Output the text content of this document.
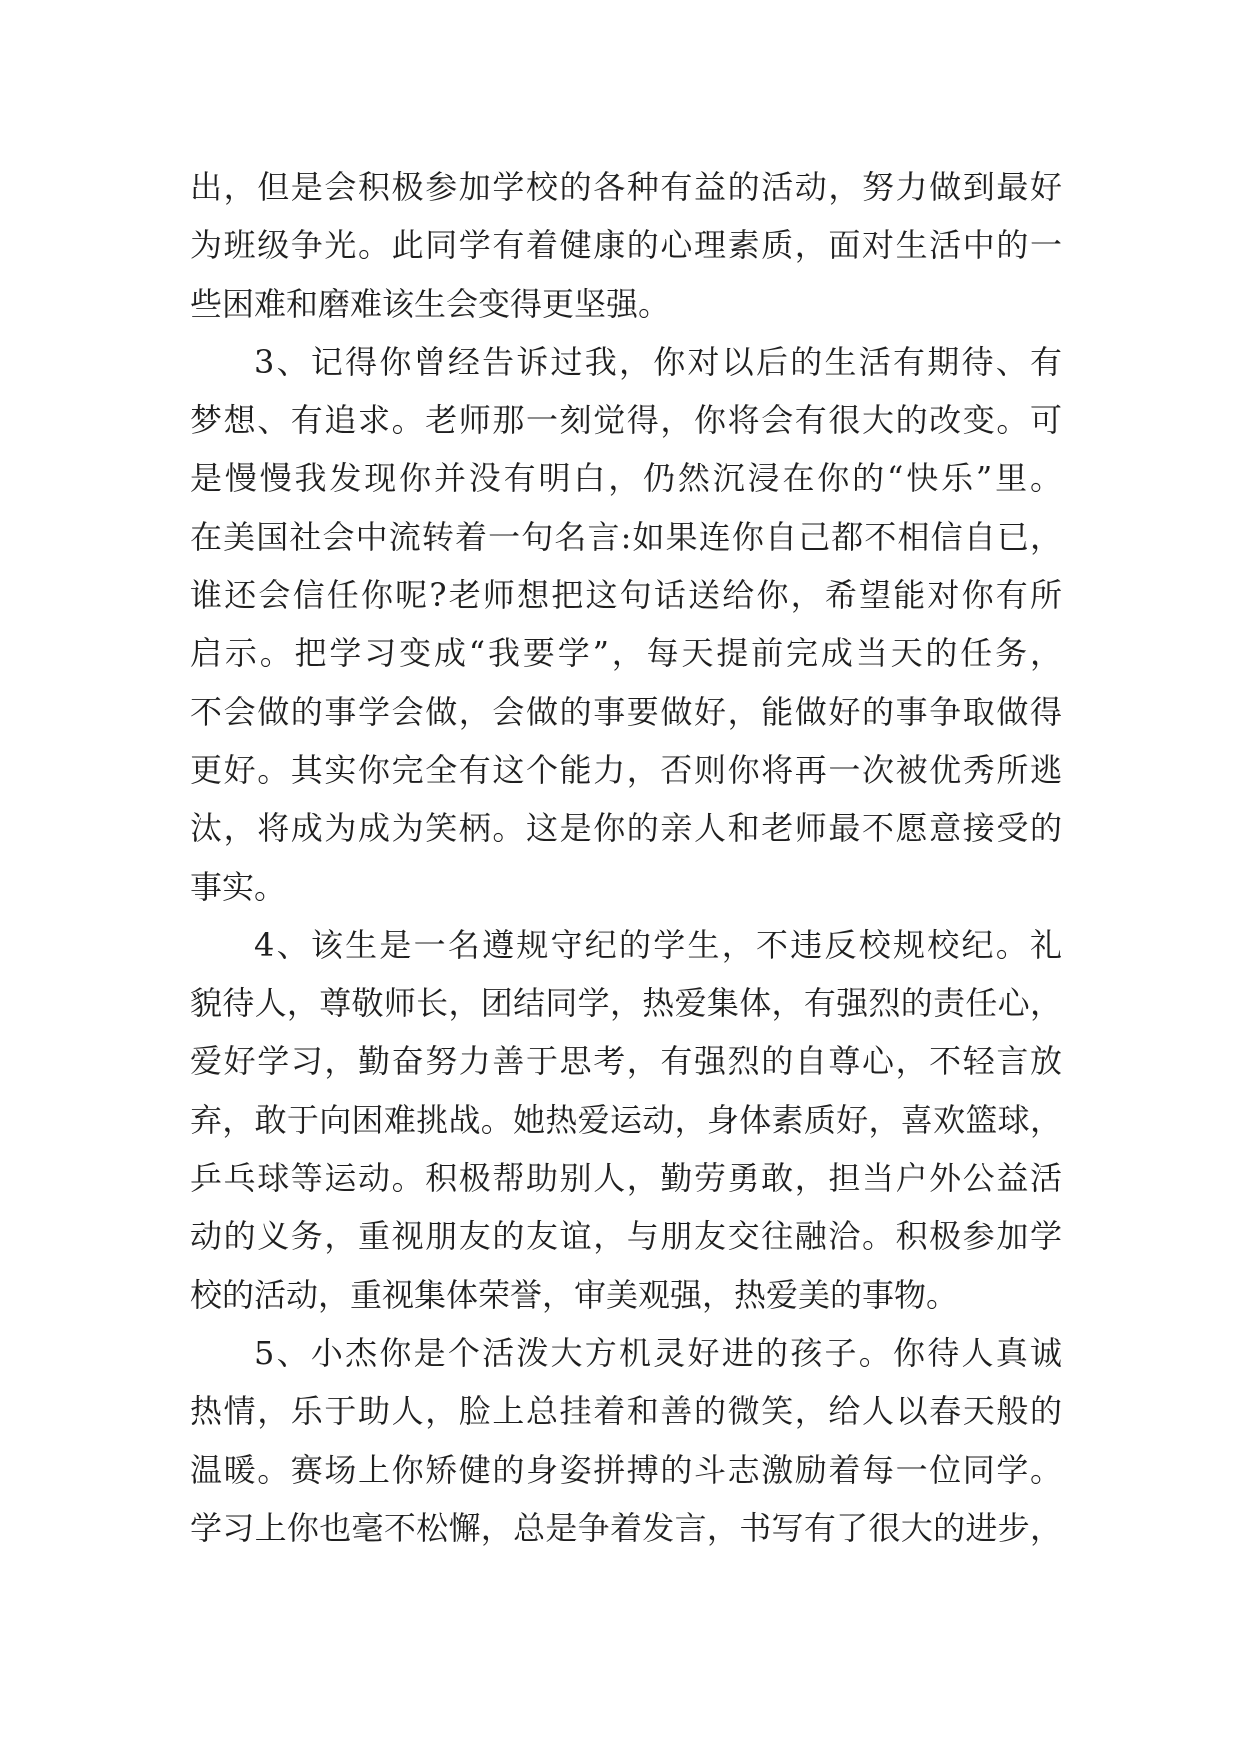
出，但是会积极参加学校的各种有益的活动，努力做到最好
为班级争光。此同学有着健康的心理素质，面对生活中的一
些困难和磨难该生会变得更坚强。
3、记得你曾经告诉过我，你对以后的生活有期待、有
梦想、有追求。老师那一刻觉得，你将会有很大的改变。可
是慢慢我发现你并没有明白，仍然沉浸在你的“快乐”里。
在美国社会中流转着一句名言:如果连你自己都不相信自已，
谁还会信任你呢?老师想把这句话送给你，希望能对你有所
启示。把学习变成“我要学”，每天提前完成当天的任务，
不会做的事学会做，会做的事要做好，能做好的事争取做得
更好。其实你完全有这个能力，否则你将再一次被优秀所逃
汰，将成为成为笑柄。这是你的亲人和老师最不愿意接受的
事实。
4、该生是一名遵规守纪的学生，不违反校规校纪。礼
貌待人，尊敬师长，团结同学，热爱集体，有强烈的责任心，
爱好学习，勤奋努力善于思考，有强烈的自尊心，不轻言放
弃，敢于向困难挑战。她热爱运动，身体素质好，喜欢篮球，
乒乓球等运动。积极帮助别人，勤劳勇敢，担当户外公益活
动的义务，重视朋友的友谊，与朋友交往融洽。积极参加学
校的活动，重视集体荣誉，审美观强，热爱美的事物。
5、小杰你是个活泼大方机灵好进的孩子。你待人真诚
热情，乐于助人，脸上总挂着和善的微笑，给人以春天般的
温暖。赛场上你矫健的身姿拼搏的斗志激励着每一位同学。
学习上你也毫不松懈，总是争着发言，书写有了很大的进步，
